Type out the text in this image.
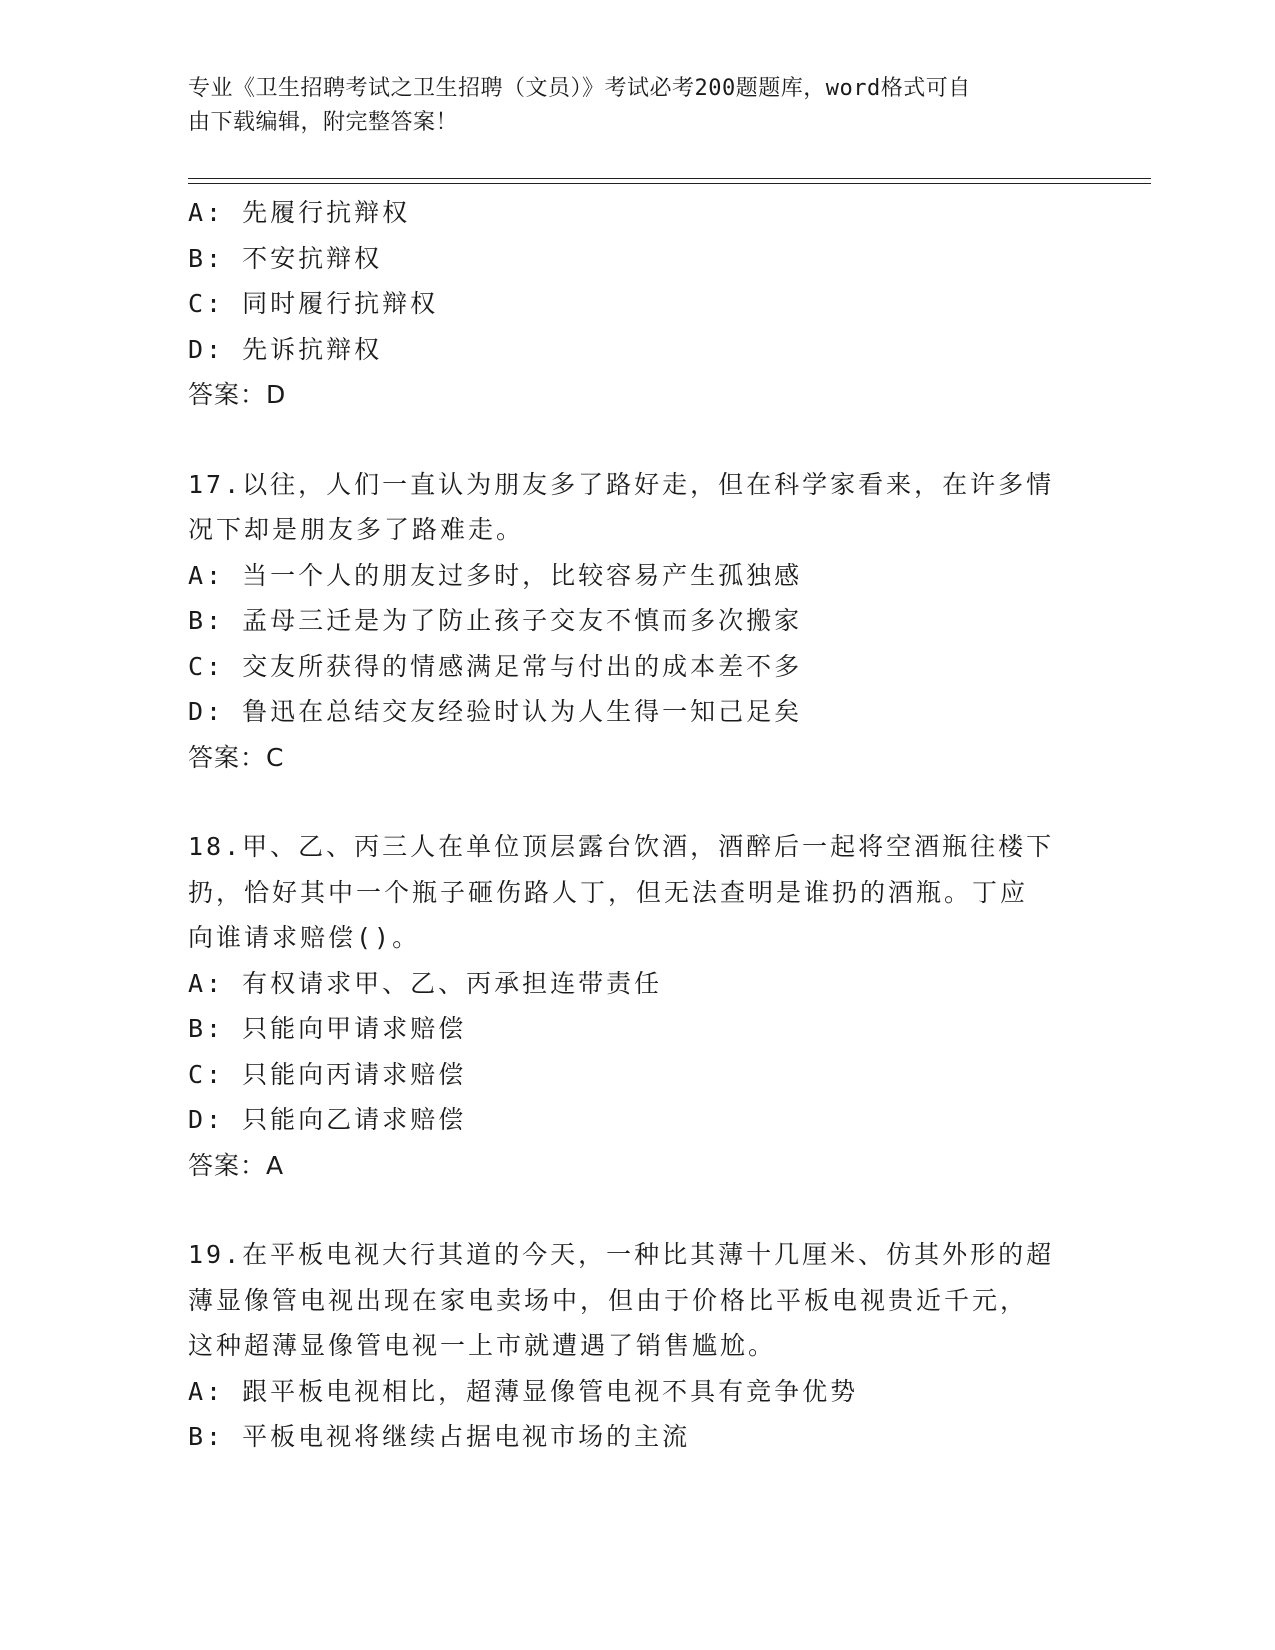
专业《卫生招聘考试之卫生招聘（文员）》考试必考200题题库，word格式可自
由下载编辑，附完整答案！
A: 先履行抗辩权
B: 不安抗辩权
C: 同时履行抗辩权
D: 先诉抗辩权
答案：D
17.以往，人们一直认为朋友多了路好走，但在科学家看来，在许多情
况下却是朋友多了路难走。
A: 当一个人的朋友过多时，比较容易产生孤独感
B: 孟母三迁是为了防止孩子交友不慎而多次搬家
C: 交友所获得的情感满足常与付出的成本差不多
D: 鲁迅在总结交友经验时认为人生得一知己足矣
答案：C
18.甲、乙、丙三人在单位顶层露台饮酒，酒醉后一起将空酒瓶往楼下
扔，恰好其中一个瓶子砸伤路人丁，但无法查明是谁扔的酒瓶。丁应
向谁请求赔偿()。
A: 有权请求甲、乙、丙承担连带责任
B: 只能向甲请求赔偿
C: 只能向丙请求赔偿
D: 只能向乙请求赔偿
答案：A
19.在平板电视大行其道的今天，一种比其薄十几厘米、仿其外形的超
薄显像管电视出现在家电卖场中，但由于价格比平板电视贵近千元，
这种超薄显像管电视一上市就遭遇了销售尴尬。
A: 跟平板电视相比，超薄显像管电视不具有竞争优势
B: 平板电视将继续占据电视市场的主流
